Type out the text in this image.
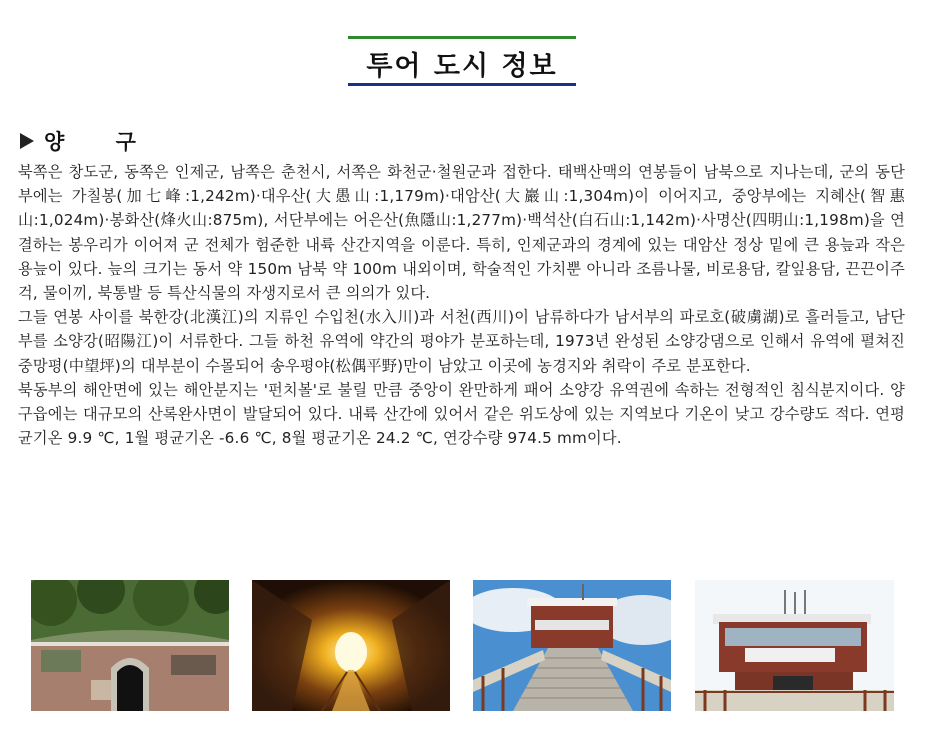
투어 도시 정보
양 구

북쪽은 창도군, 동쪽은 인제군, 남쪽은 춘천시, 서쪽은 화천군·철원군과 접한다. 태백산맥의 연봉들이 남북으로 지나는데, 군의 동단부에는 가칠봉(加七峰:1,242m)·대우산(大愚山:1,179m)·대암산(大巖山:1,304m)이 이어지고, 중앙부에는 지혜산(智惠山:1,024m)·봉화산(烽火山:875m), 서단부에는 어은산(魚隱山:1,277m)·백석산(白石山:1,142m)·사명산(四明山:1,198m)을 연결하는 봉우리가 이어져 군 전체가 험준한 내륙 산간지역을 이룬다. 특히, 인제군과의 경계에 있는 대암산 정상 밑에 큰 용늪과 작은 용늪이 있다. 늪의 크기는 동서 약 150m 남북 약 100m 내외이며, 학술적인 가치뿐 아니라 조름나물, 비로용담, 칼잎용담, 끈끈이주걱, 물이끼, 북통발 등 특산식물의 자생지로서 큰 의의가 있다.

그들 연봉 사이를 북한강(北漢江)의 지류인 수입천(水入川)과 서천(西川)이 남류하다가 남서부의 파로호(破虜湖)로 흘러들고, 남단부를 소양강(昭陽江)이 서류한다. 그들 하천 유역에 약간의 평야가 분포하는데, 1973년 완성된 소양강댐으로 인해서 유역에 펼쳐진 중망평(中望坪)의 대부분이 수몰되어 송우평야(松偶平野)만이 남았고 이곳에 농경지와 취락이 주로 분포한다.

북동부의 해안면에 있는 해안분지는 '펀치볼'로 불릴 만큼 중앙이 완만하게 패어 소양강 유역권에 속하는 전형적인 침식분지이다. 양구읍에는 대규모의 산록완사면이 발달되어 있다. 내륙 산간에 있어서 같은 위도상에 있는 지역보다 기온이 낮고 강수량도 적다. 연평균기온 9.9 ℃, 1월 평균기온 -6.6 ℃, 8월 평균기온 24.2 ℃, 연강수량 974.5 mm이다.
